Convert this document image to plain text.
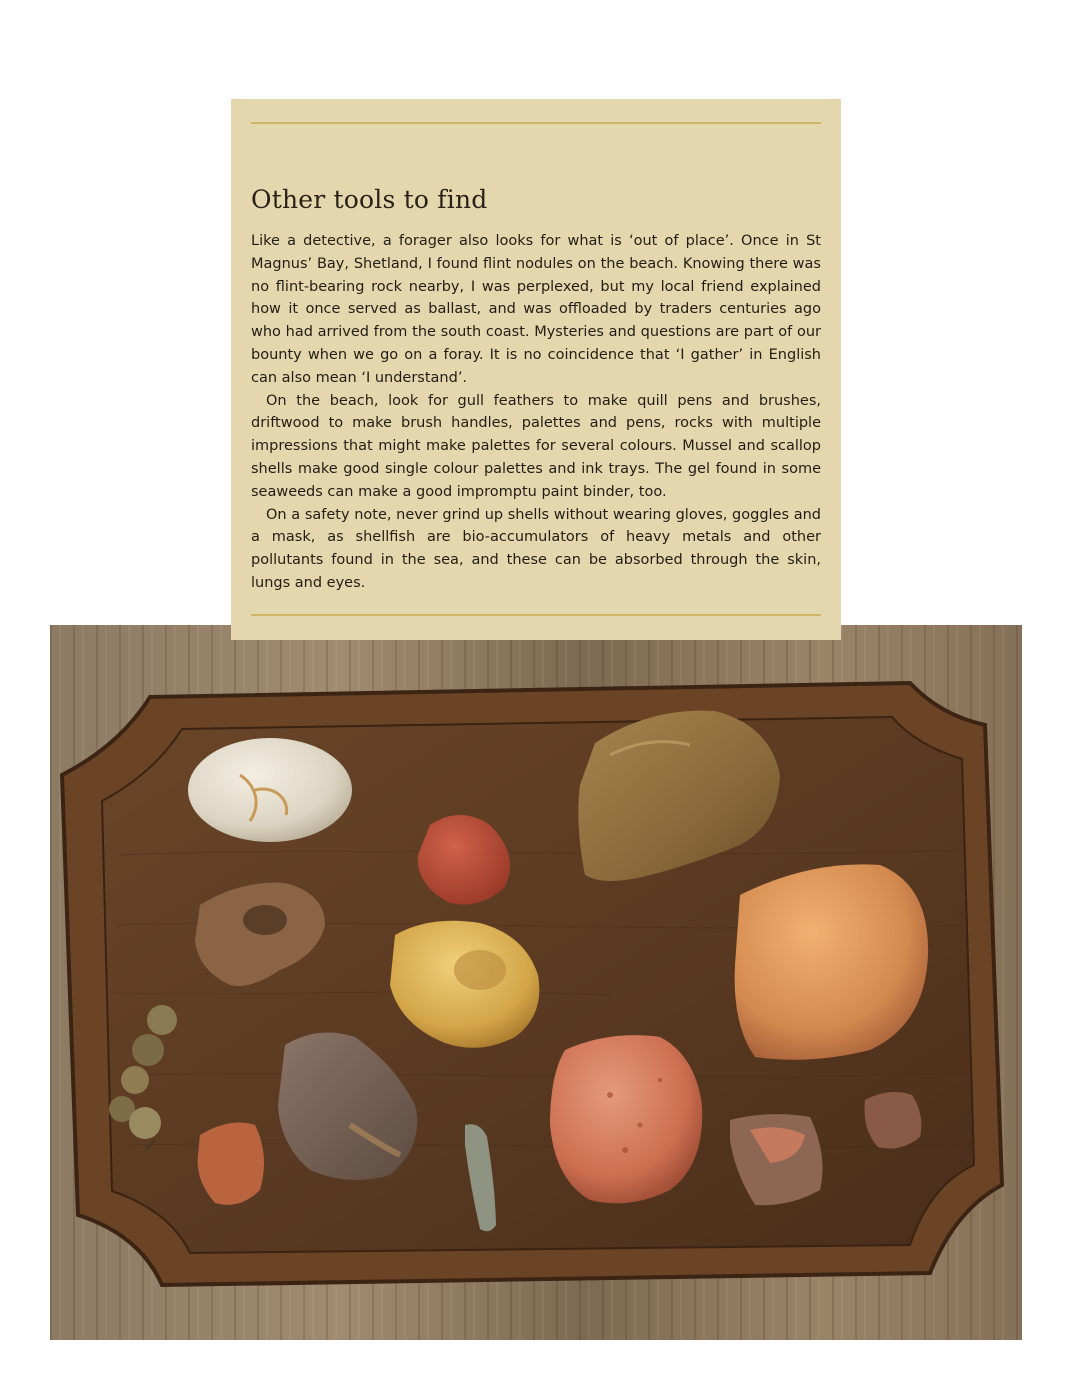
Other tools to find

Like a detective, a forager also looks for what is ‘out of place’. Once in St Magnus’ Bay, Shetland, I found flint nodules on the beach. Knowing there was no flint-bearing rock nearby, I was perplexed, but my local friend explained how it once served as ballast, and was offloaded by traders centuries ago who had arrived from the south coast. Mysteries and questions are part of our bounty when we go on a foray. It is no coincidence that ‘I gather’ in English can also mean ‘I understand’.

On the beach, look for gull feathers to make quill pens and brushes, driftwood to make brush handles, palettes and pens, rocks with multiple impressions that might make palettes for several colours. Mussel and scallop shells make good single colour palettes and ink trays. The gel found in some seaweeds can make a good impromptu paint binder, too.

On a safety note, never grind up shells without wearing gloves, goggles and a mask, as shellfish are bio-accumulators of heavy metals and other pollutants found in the sea, and these can be absorbed through the skin, lungs and eyes.
